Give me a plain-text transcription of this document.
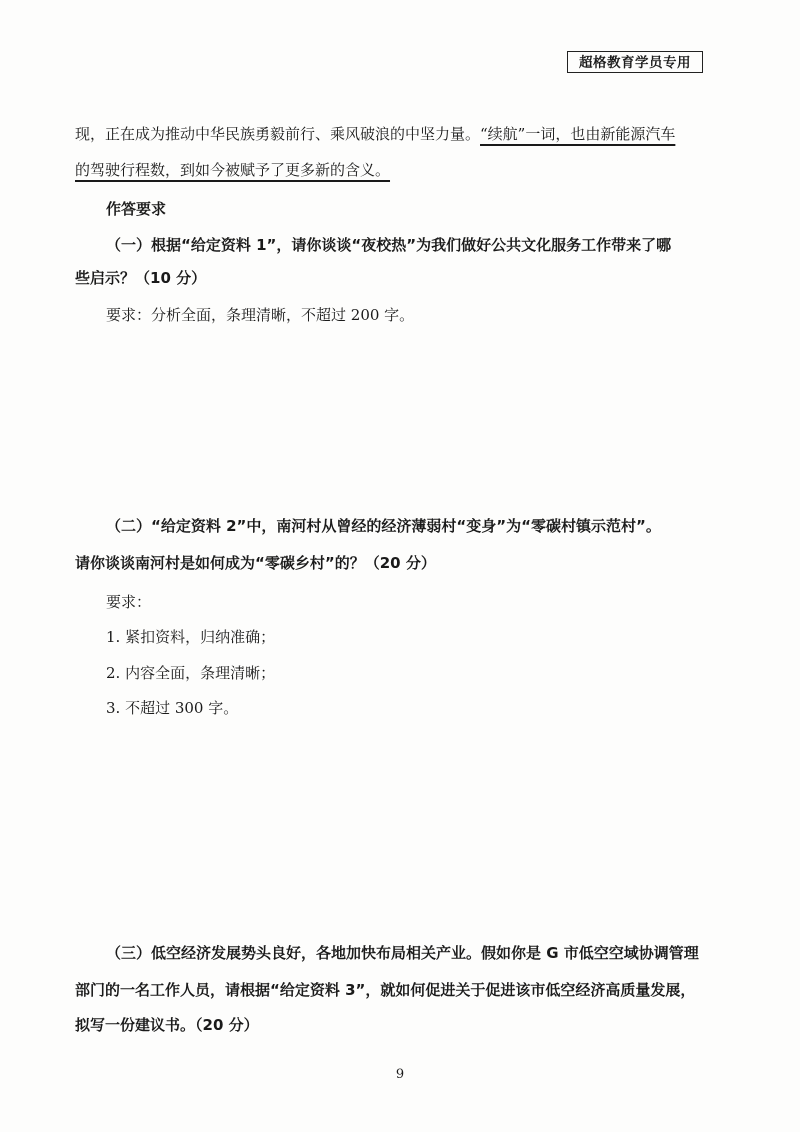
超格教育学员专用
现，正在成为推动中华民族勇毅前行、乘风破浪的中坚力量。“续航”一词，也由新能源汽车
的驾驶行程数，到如今被赋予了更多新的含义。
作答要求
（一）根据“给定资料 1”，请你谈谈“夜校热”为我们做好公共文化服务工作带来了哪
些启示？（10 分）
要求：分析全面，条理清晰，不超过 200 字。
（二）“给定资料 2”中，南河村从曾经的经济薄弱村“变身”为“零碳村镇示范村”。
请你谈谈南河村是如何成为“零碳乡村”的？（20 分）
要求：
1. 紧扣资料，归纳准确；
2. 内容全面，条理清晰；
3. 不超过 300 字。
（三）低空经济发展势头良好，各地加快布局相关产业。假如你是 G 市低空空域协调管理
部门的一名工作人员，请根据“给定资料 3”，就如何促进关于促进该市低空经济高质量发展，
拟写一份建议书。（20 分）
9
